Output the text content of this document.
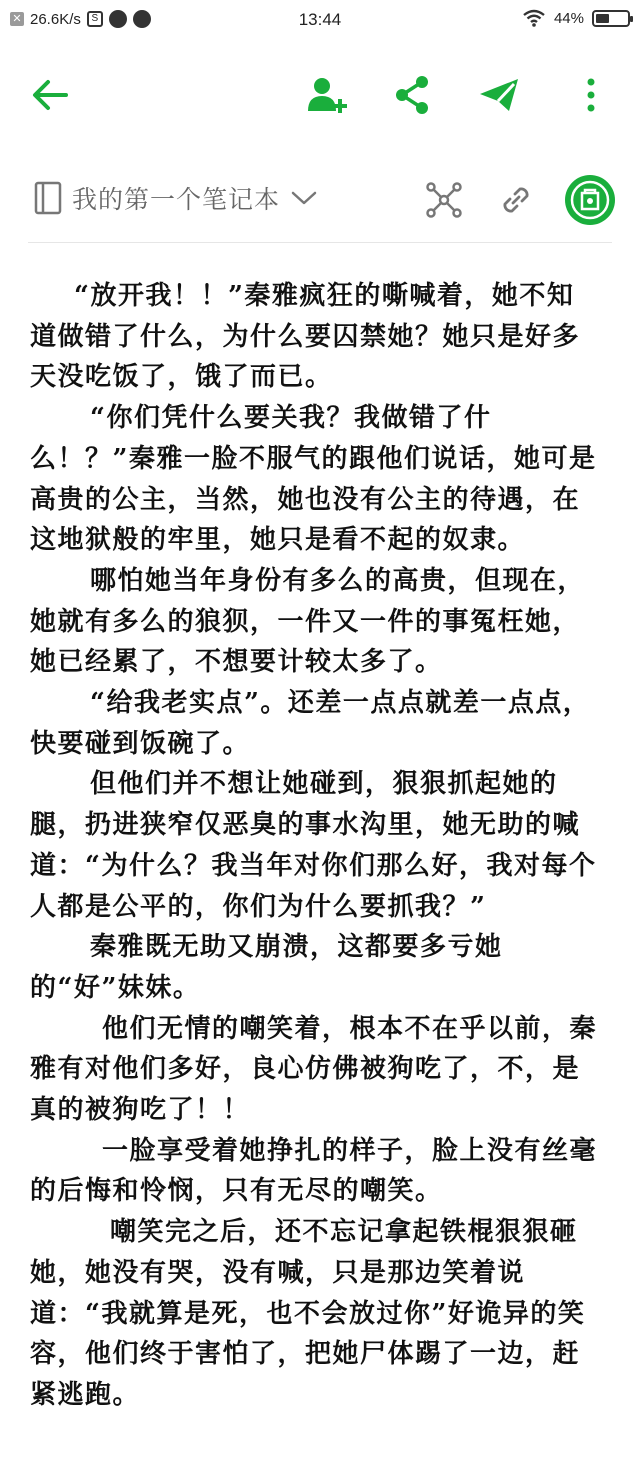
✕ 26.6K/s	S	13:44	44%
我的第一个笔记本

“放开我！！”秦雅疯狂的嘶喊着，她不知道做错了什么，为什么要囚禁她？她只是好多天没吃饭了，饿了而已。

“你们凭什么要关我？我做错了什么！？”秦雅一脸不服气的跟他们说话，她可是高贵的公主，当然，她也没有公主的待遇，在这地狱般的牢里，她只是看不起的奴隶。

哪怕她当年身份有多么的高贵，但现在，她就有多么的狼狈，一件又一件的事冤枉她，她已经累了，不想要计较太多了。

“给我老实点”。还差一点点就差一点点，快要碰到饭碗了。

但他们并不想让她碰到，狠狠抓起她的腿，扔进狭窄仅恶臭的事水沟里，她无助的喊道：“为什么？我当年对你们那么好，我对每个人都是公平的，你们为什么要抓我？”

秦雅既无助又崩溃，这都要多亏她的“好”妹妹。

他们无情的嘲笑着，根本不在乎以前，秦雅有对他们多好，良心仿佛被狗吃了，不，是真的被狗吃了！！

一脸享受着她挣扎的样子，脸上没有丝毫的后悔和怜悯，只有无尽的嘲笑。

嘲笑完之后，还不忘记拿起铁棍狠狠砸她，她没有哭，没有喊，只是那边笑着说道：“我就算是死，也不会放过你”好诡异的笑容，他们终于害怕了，把她尸体踢了一边，赶紧逃跑。
